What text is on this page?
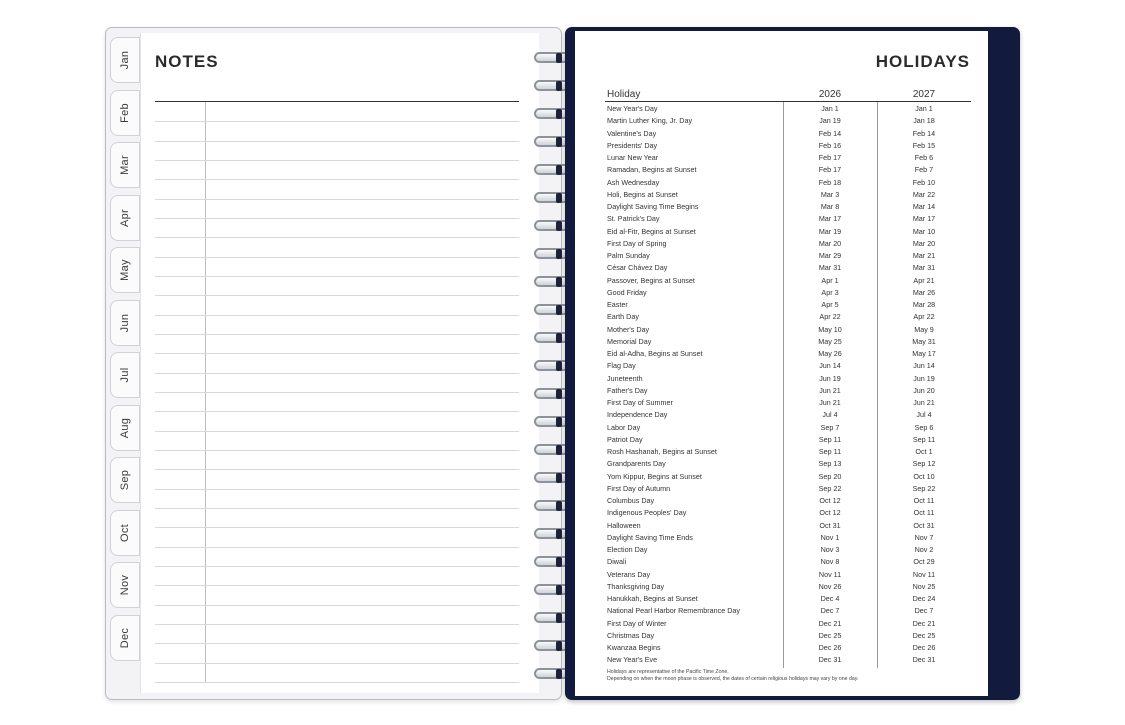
Jan
Feb
Mar
Apr
May
Jun
Jul
Aug
Sep
Oct
Nov
Dec
NOTES	HOLIDAYS
Holiday	2026	2027
New Year's Day	Jan 1	Jan 1
Martin Luther King, Jr. Day	Jan 19	Jan 18
Valentine's Day	Feb 14	Feb 14
Presidents' Day	Feb 16	Feb 15
Lunar New Year	Feb 17	Feb 6
Ramadan, Begins at Sunset	Feb 17	Feb 7
Ash Wednesday	Feb 18	Feb 10
Holi, Begins at Sunset	Mar 3	Mar 22
Daylight Saving Time Begins	Mar 8	Mar 14
St. Patrick's Day	Mar 17	Mar 17
Eid al-Fitr, Begins at Sunset	Mar 19	Mar 10
First Day of Spring	Mar 20	Mar 20
Palm Sunday	Mar 29	Mar 21
César Chávez Day	Mar 31	Mar 31
Passover, Begins at Sunset	Apr 1	Apr 21
Good Friday	Apr 3	Mar 26
Easter	Apr 5	Mar 28
Earth Day	Apr 22	Apr 22
Mother's Day	May 10	May 9
Memorial Day	May 25	May 31
Eid al-Adha, Begins at Sunset	May 26	May 17
Flag Day	Jun 14	Jun 14
Juneteenth	Jun 19	Jun 19
Father's Day	Jun 21	Jun 20
First Day of Summer	Jun 21	Jun 21
Independence Day	Jul 4	Jul 4
Labor Day	Sep 7	Sep 6
Patriot Day	Sep 11	Sep 11
Rosh Hashanah, Begins at Sunset	Sep 11	Oct 1
Grandparents Day	Sep 13	Sep 12
Yom Kippur, Begins at Sunset	Sep 20	Oct 10
First Day of Autumn	Sep 22	Sep 22
Columbus Day	Oct 12	Oct 11
Indigenous Peoples' Day	Oct 12	Oct 11
Halloween	Oct 31	Oct 31
Daylight Saving Time Ends	Nov 1	Nov 7
Election Day	Nov 3	Nov 2
Diwali	Nov 8	Oct 29
Veterans Day	Nov 11	Nov 11
Thanksgiving Day	Nov 26	Nov 25
Hanukkah, Begins at Sunset	Dec 4	Dec 24
National Pearl Harbor Remembrance Day	Dec 7	Dec 7
First Day of Winter	Dec 21	Dec 21
Christmas Day	Dec 25	Dec 25
Kwanzaa Begins	Dec 26	Dec 26
New Year's Eve	Dec 31	Dec 31
Holidays are representative of the Pacific Time Zone.
Depending on when the moon phase is observed, the dates of certain religious holidays may vary by one day.
